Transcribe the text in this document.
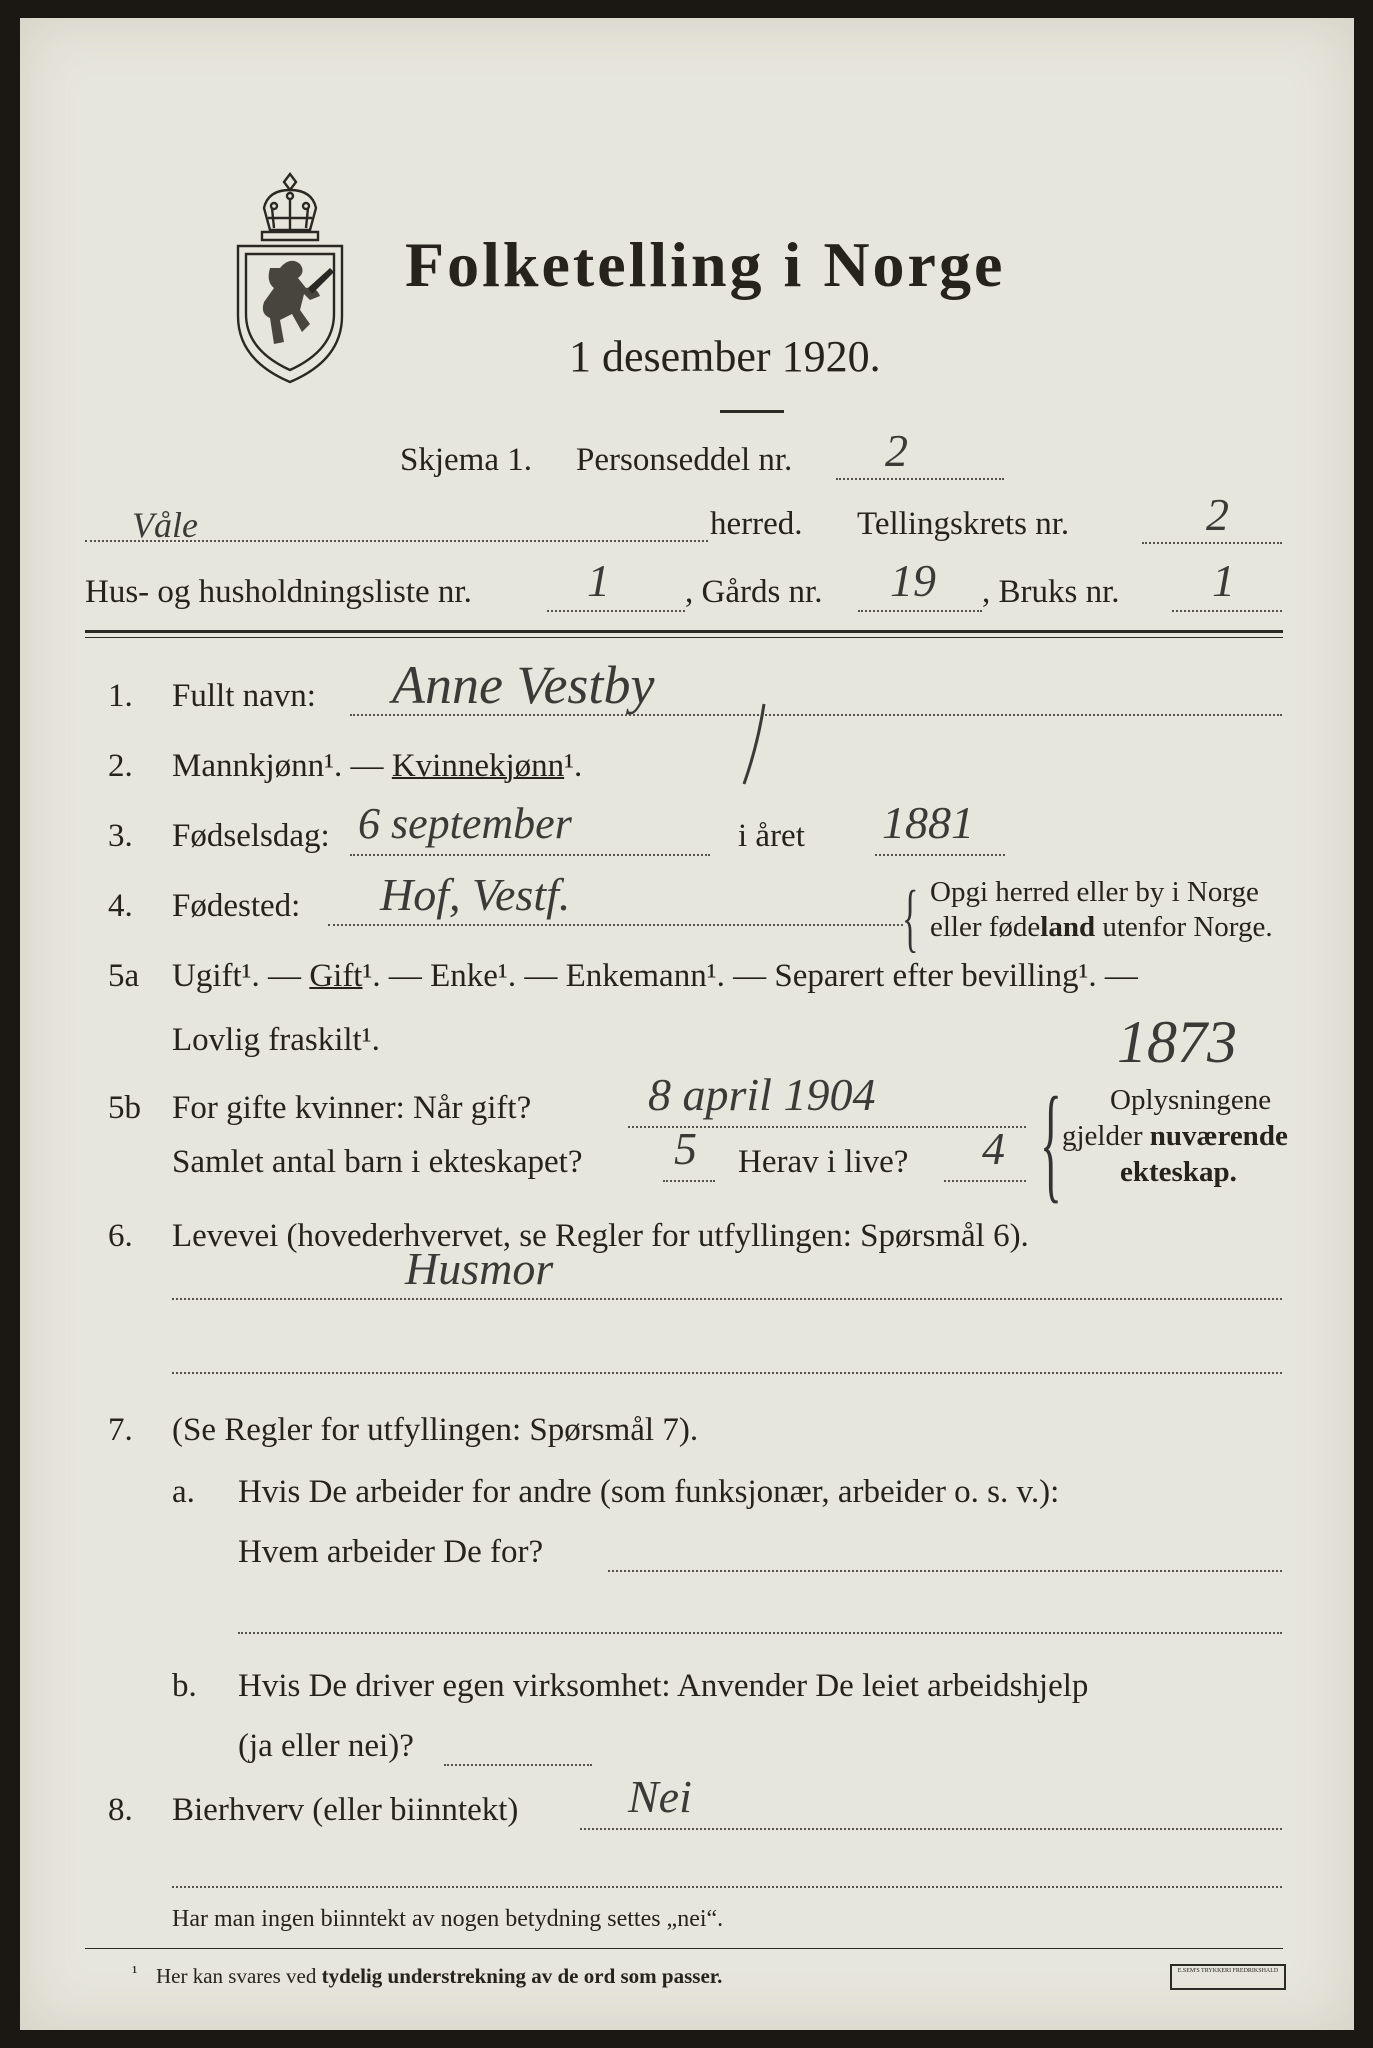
Folketelling i Norge
1 desember 1920.
Skjema 1. Personseddel nr. 2
Våle	herred. Tellingskrets nr.	2
Hus- og husholdningsliste nr.	1 , Gårds nr. 19 , Bruks nr. 1
1. Fullt navn: Anne Vestby
2. Mannkjønn¹. — Kvinnekjønn¹.
3. Fødselsdag: 6 september	i året 1881
4. Fødested: Hof, Vestf.	{ Opgi herred eller by i Norge
eller fødeland utenfor Norge.
5a Ugift¹. — Gift¹. — Enke¹. — Enkemann¹. — Separert efter bevilling¹. —
Lovlig fraskilt¹.	1873
5b For gifte kvinner: Når gift?	8 april 1904
Samlet antal barn i ekteskapet? 5 Herav i live? 4 { Oplysningene
gjelder nuværende
ekteskap.
6. Levevei (hovederhvervet, se Regler for utfyllingen: Spørsmål 6).
Husmor
7. (Se Regler for utfyllingen: Spørsmål 7).
a. Hvis De arbeider for andre (som funksjonær, arbeider o. s. v.):
Hvem arbeider De for?
b. Hvis De driver egen virksomhet: Anvender De leiet arbeidshjelp
(ja eller nei)?
8. Bierhverv (eller biinntekt) Nei
Har man ingen biinntekt av nogen betydning settes „nei“.
¹ Her kan svares ved tydelig understrekning av de ord som passer.	E.SEM'S TRYKKERI FREDRIKSHALD
